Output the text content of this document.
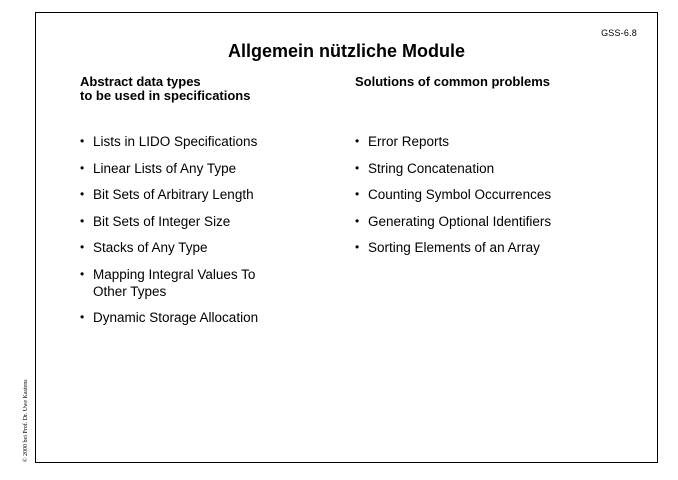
GSS-6.8
Allgemein nützliche Module
Abstract data types
to be used in specifications
• Lists in LIDO Specifications
• Linear Lists of Any Type
• Bit Sets of Arbitrary Length
• Bit Sets of Integer Size
• Stacks of Any Type
• Mapping Integral Values To
Other Types
• Dynamic Storage Allocation
Solutions of common problems
• Error Reports
• String Concatenation
• Counting Symbol Occurrences
• Generating Optional Identifiers
• Sorting Elements of an Array
© 2000 bei Prof. Dr. Uwe Kastens
